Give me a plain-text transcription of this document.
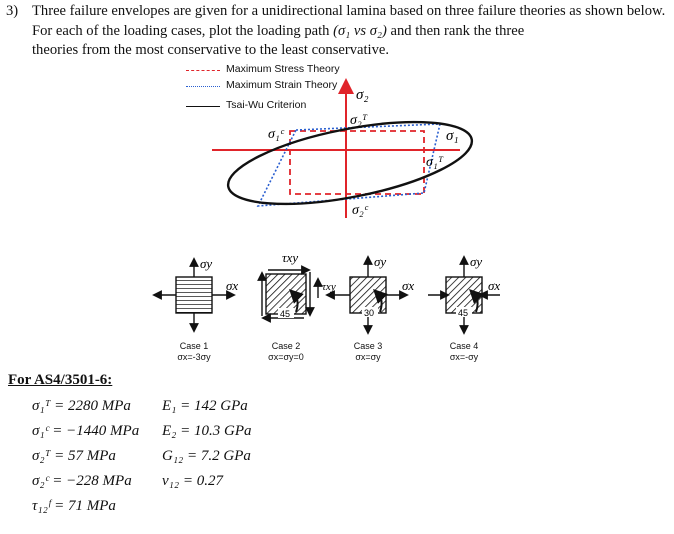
3) Three failure envelopes are given for a unidirectional lamina based on three failure theories as shown below. For each of the loading cases, plot the loading path (σ₁ vs σ₂) and then rank the three
theories from the most conservative to the least conservative.
Maximum Stress Theory
Maximum Strain Theory
Tsai-Wu Criterion
σ₂
σ₂ᵀ
σ₁ᶜ	σ₁
σ₁ᵀ
σ₂ᶜ
σy
σx
45
τxy
30
τxy
σy
σx
45
σy
σx
Case 1
σx=-3σy
Case 2
σx=σy=0
Case 3
σx=σy
Case 4
σx=-σy
For AS4/3501-6:
σ₁ᵀ = 2280 MPa
σ₁ᶜ = −1440 MPa
σ₂ᵀ = 57 MPa
σ₂ᶜ = −228 MPa
τ₁₂ᶠ = 71 MPa
E₁ = 142 GPa
E₂ = 10.3 GPa
G₁₂ = 7.2 GPa
ν₁₂ = 0.27
